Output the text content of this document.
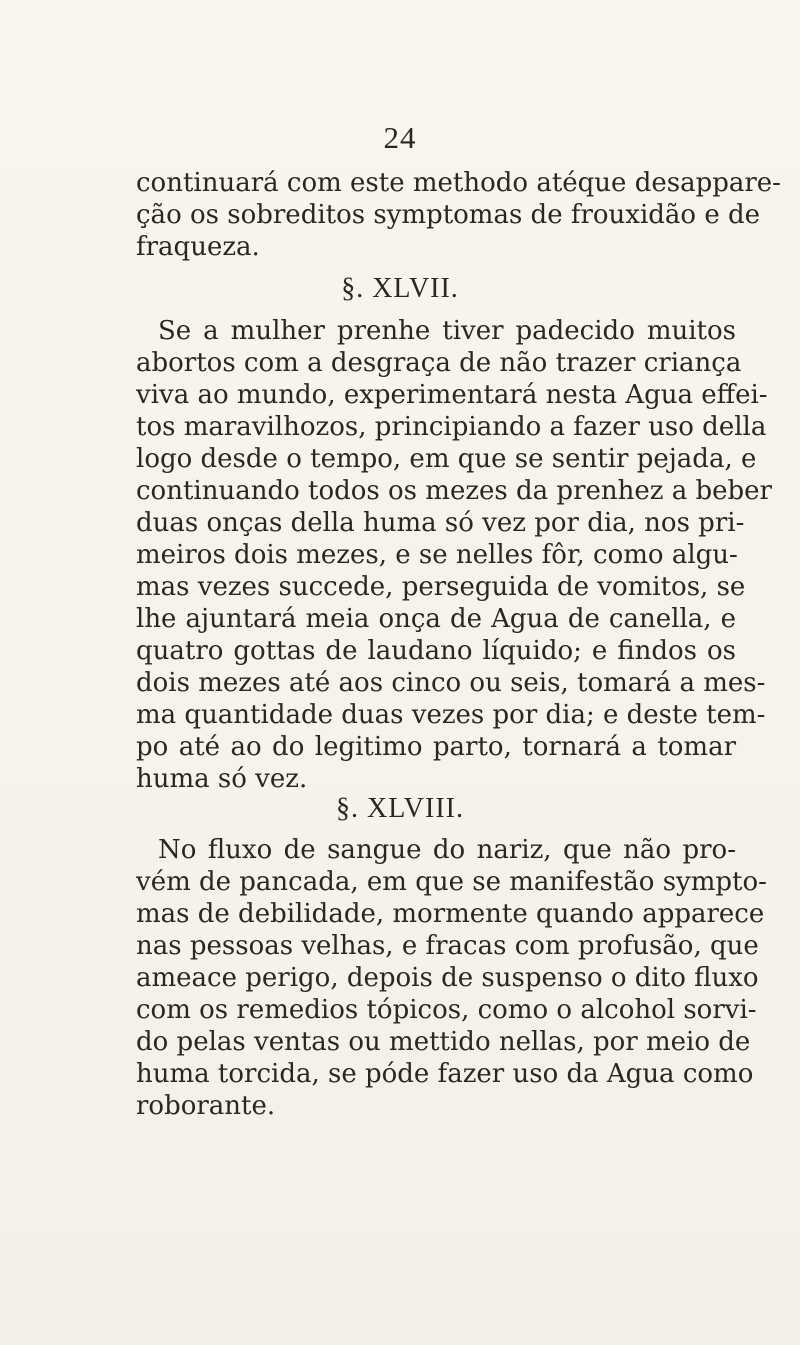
24
continuará com este methodo atéque desappare-
ção os sobreditos symptomas de frouxidão e de
fraqueza.
§. XLVII.
Se a mulher prenhe tiver padecido muitos
abortos com a desgraça de não trazer criança
viva ao mundo, experimentará nesta Agua effei-
tos maravilhozos, principiando a fazer uso della
logo desde o tempo, em que se sentir pejada, e
continuando todos os mezes da prenhez a beber
duas onças della huma só vez por dia, nos pri-
meiros dois mezes, e se nelles fôr, como algu-
mas vezes succede, perseguida de vomitos, se
lhe ajuntará meia onça de Agua de canella, e
quatro gottas de laudano líquido; e findos os
dois mezes até aos cinco ou seis, tomará a mes-
ma quantidade duas vezes por dia; e deste tem-
po até ao do legitimo parto, tornará a tomar
huma só vez.
§. XLVIII.
No fluxo de sangue do nariz, que não pro-
vém de pancada, em que se manifestão sympto-
mas de debilidade, mormente quando apparece
nas pessoas velhas, e fracas com profusão, que
ameace perigo, depois de suspenso o dito fluxo
com os remedios tópicos, como o alcohol sorvi-
do pelas ventas ou mettido nellas, por meio de
huma torcida, se póde fazer uso da Agua como
roborante.
